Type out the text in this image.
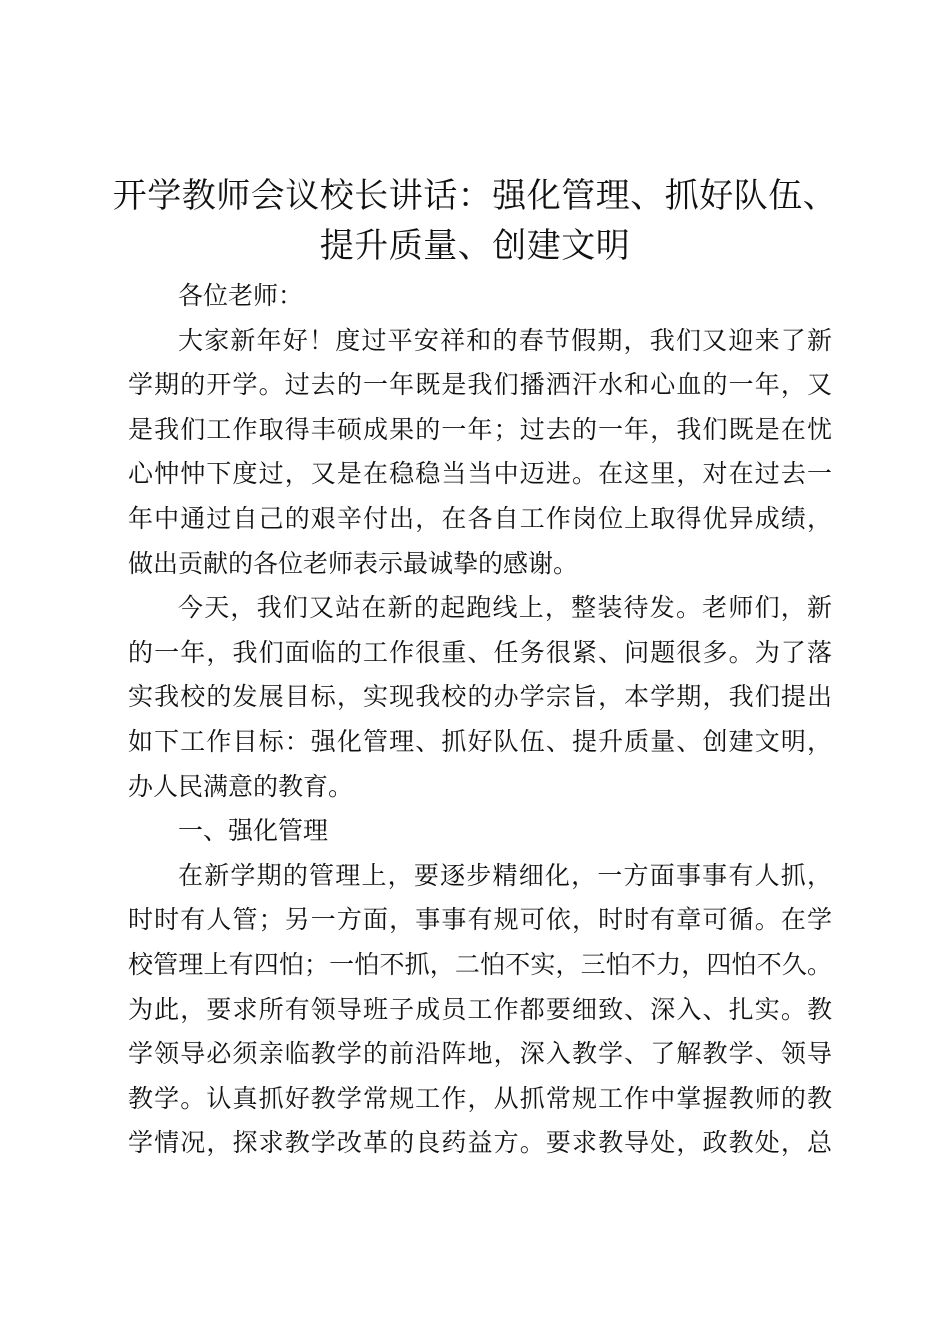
开学教师会议校长讲话：强化管理、抓好队伍、
提升质量、创建文明
各位老师：
大家新年好！度过平安祥和的春节假期，我们又迎来了新
学期的开学。过去的一年既是我们播洒汗水和心血的一年，又
是我们工作取得丰硕成果的一年；过去的一年，我们既是在忧
心忡忡下度过，又是在稳稳当当中迈进。在这里，对在过去一
年中通过自己的艰辛付出，在各自工作岗位上取得优异成绩，
做出贡献的各位老师表示最诚挚的感谢。
今天，我们又站在新的起跑线上，整装待发。老师们，新
的一年，我们面临的工作很重、任务很紧、问题很多。为了落
实我校的发展目标，实现我校的办学宗旨，本学期，我们提出
如下工作目标：强化管理、抓好队伍、提升质量、创建文明，
办人民满意的教育。
一、强化管理
在新学期的管理上，要逐步精细化，一方面事事有人抓，
时时有人管；另一方面，事事有规可依，时时有章可循。在学
校管理上有四怕；一怕不抓，二怕不实，三怕不力，四怕不久。
为此，要求所有领导班子成员工作都要细致、深入、扎实。教
学领导必须亲临教学的前沿阵地，深入教学、了解教学、领导
教学。认真抓好教学常规工作，从抓常规工作中掌握教师的教
学情况，探求教学改革的良药益方。要求教导处，政教处，总
